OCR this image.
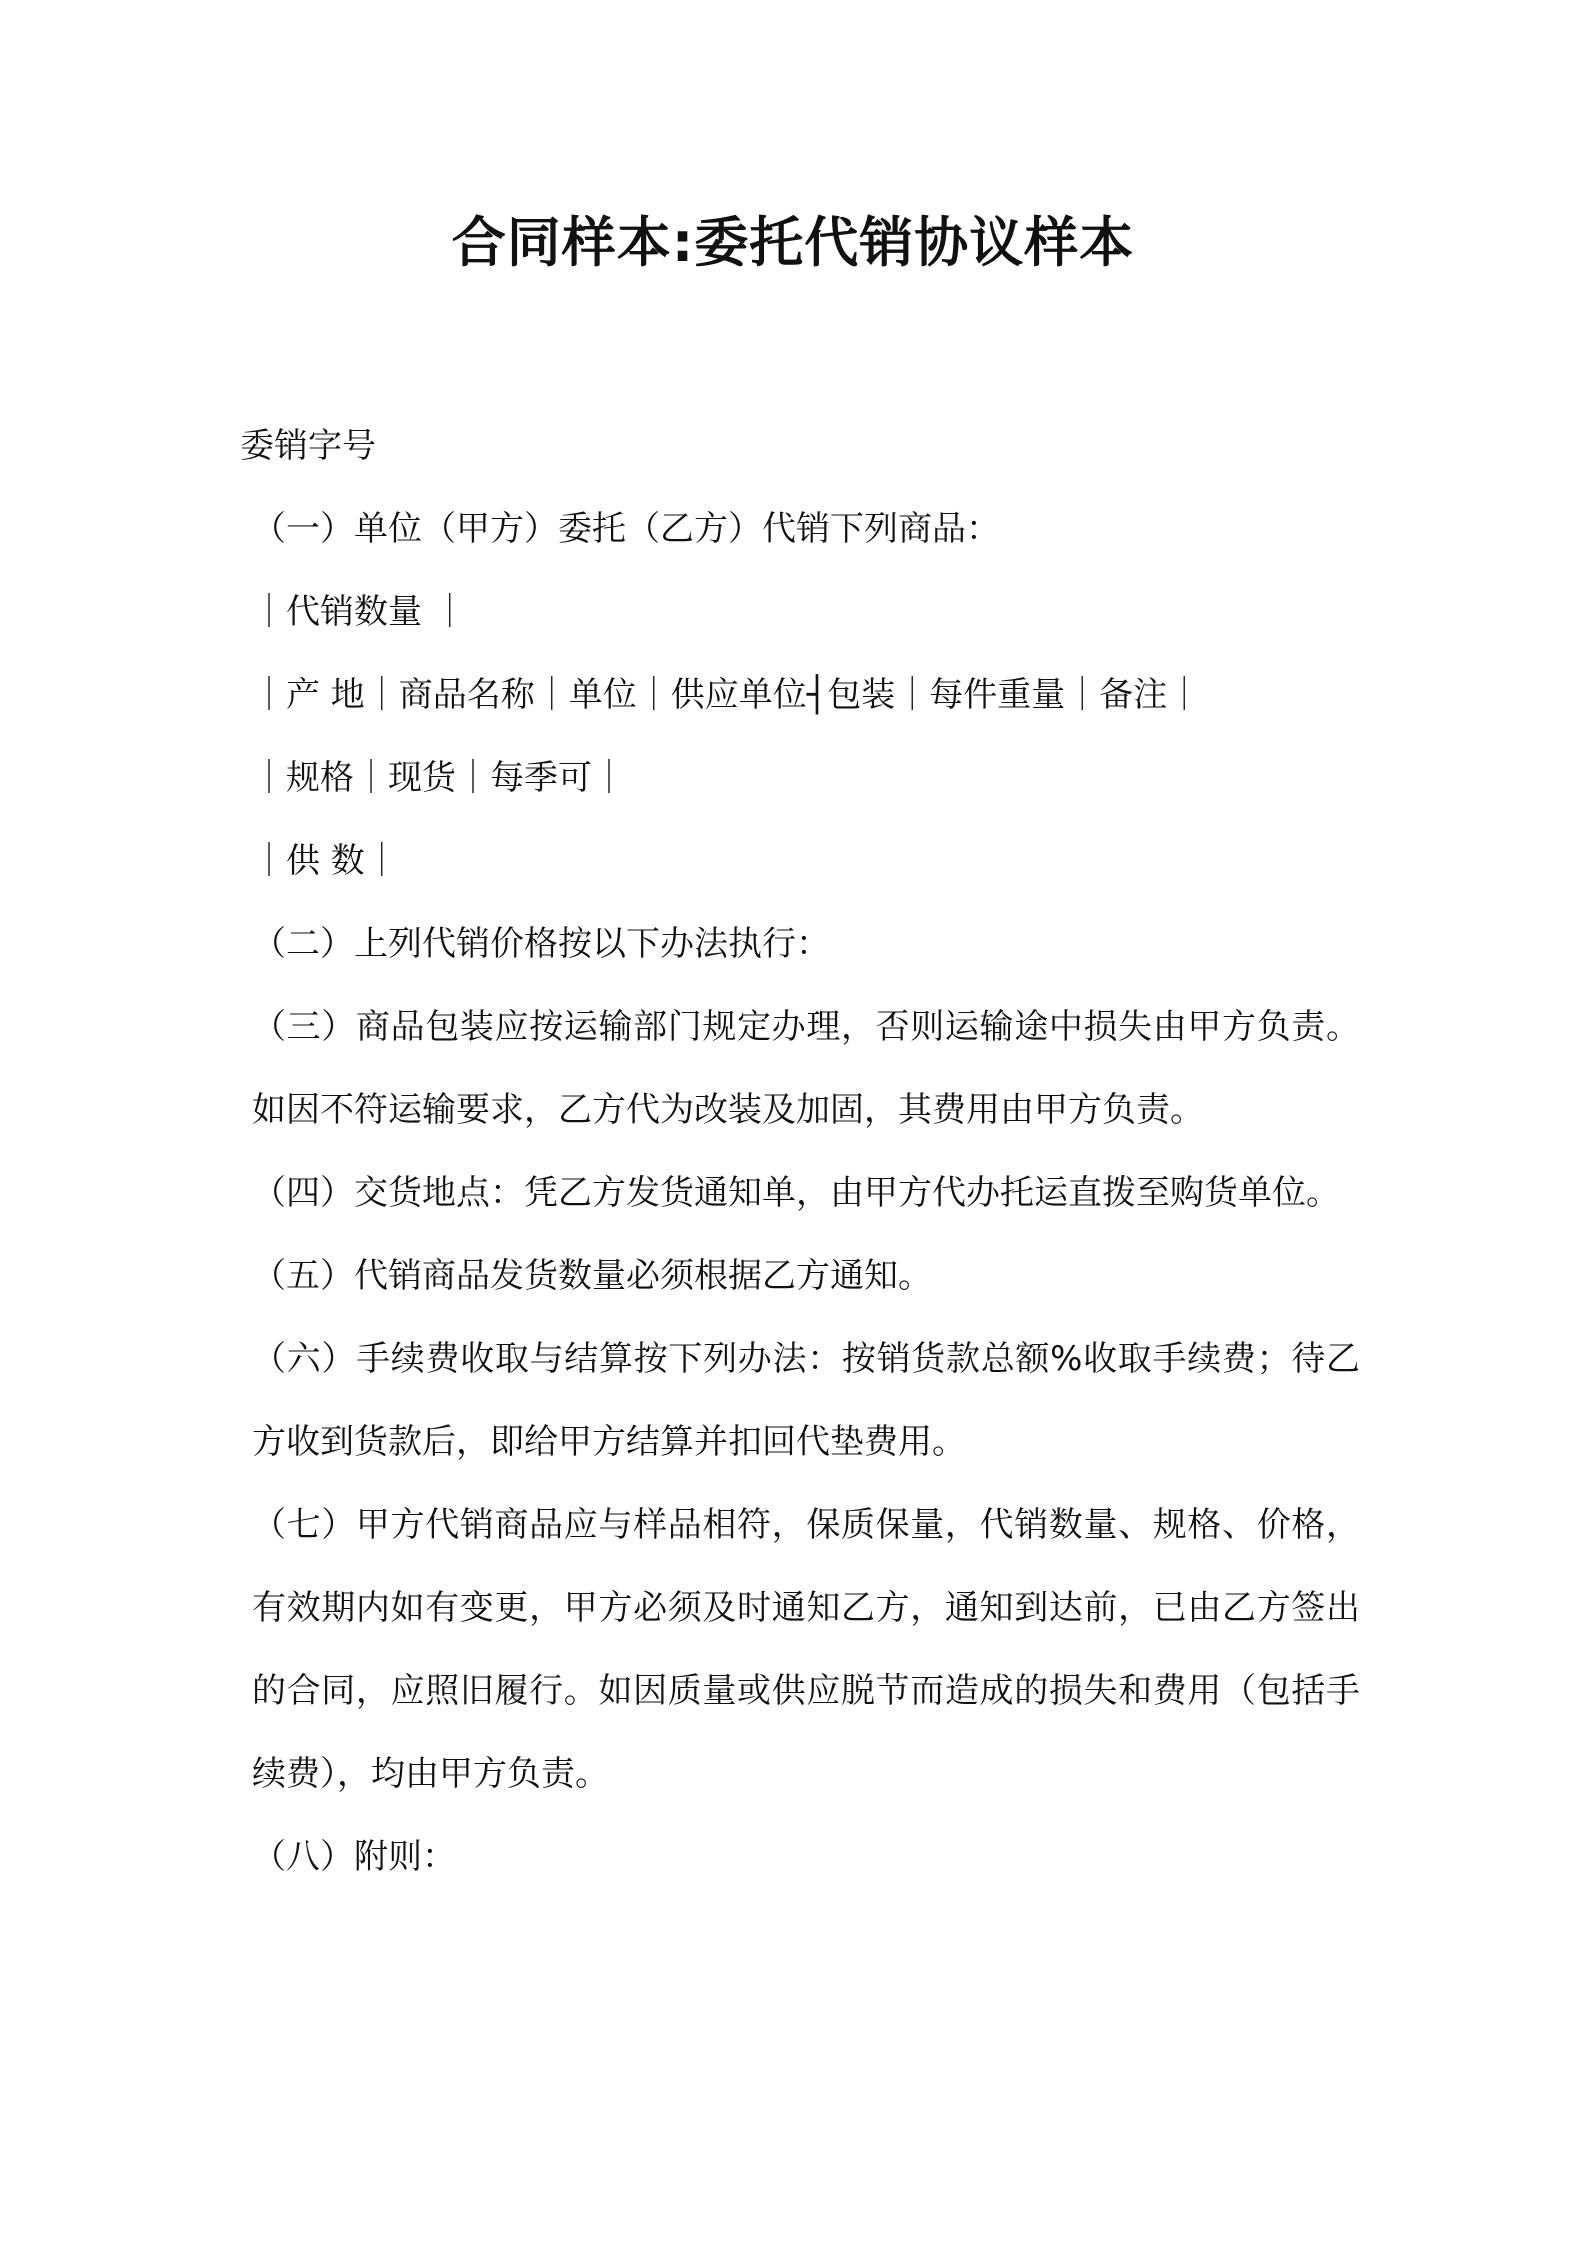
合同样本:委托代销协议样本
委销字号
（一）单位（甲方）委托（乙方）代销下列商品：
｜代销数量 ｜
｜产 地｜商品名称｜单位｜供应单位┤包装｜每件重量｜备注｜
｜规格｜现货｜每季可｜
｜供 数｜
（二）上列代销价格按以下办法执行：

（三）商品包装应按运输部门规定办理，否则运输途中损失由甲方负责。如因不符运输要求，乙方代为改装及加固，其费用由甲方负责。

（四）交货地点：凭乙方发货通知单，由甲方代办托运直拨至购货单位。

（五）代销商品发货数量必须根据乙方通知。

（六）手续费收取与结算按下列办法：按销货款总额%收取手续费；待乙方收到货款后，即给甲方结算并扣回代垫费用。

（七）甲方代销商品应与样品相符，保质保量，代销数量、规格、价格，有效期内如有变更，甲方必须及时通知乙方，通知到达前，已由乙方签出的合同，应照旧履行。如因质量或供应脱节而造成的损失和费用（包括手续费），均由甲方负责。

（八）附则：
